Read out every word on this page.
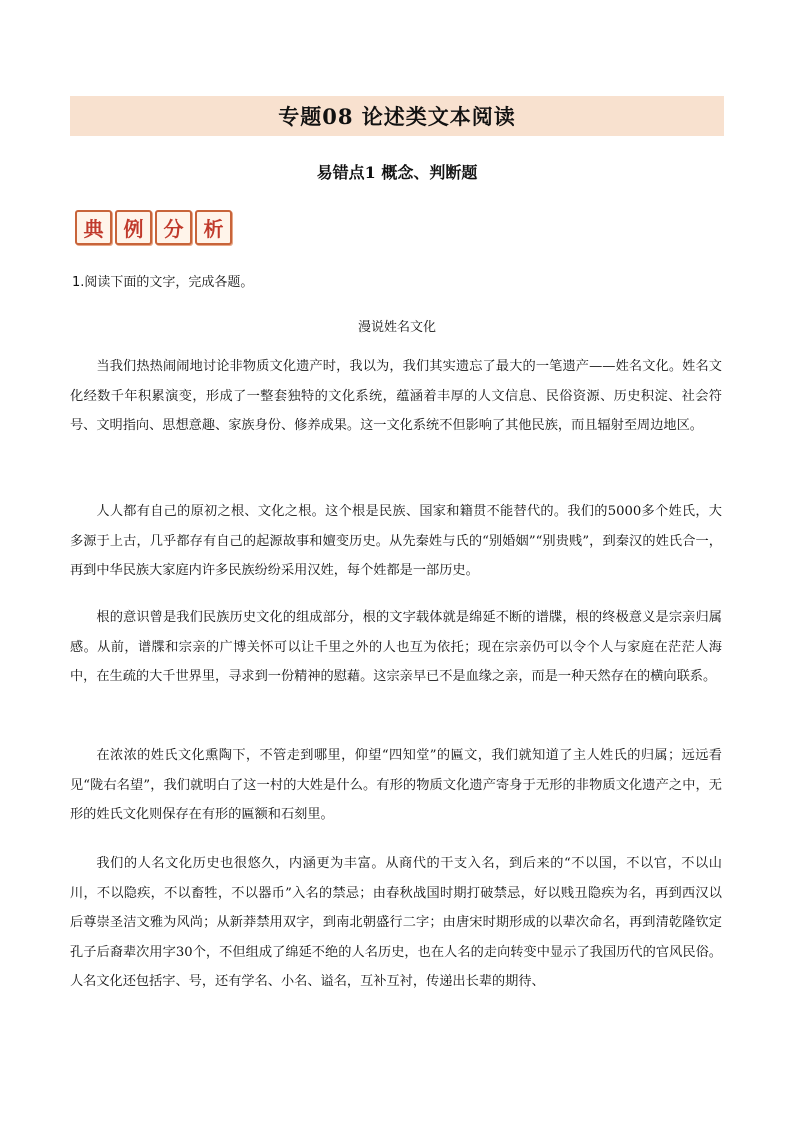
专题08 论述类文本阅读
易错点1 概念、判断题
典	例	分	析
1.阅读下面的文字，完成各题。
漫说姓名文化

当我们热热闹闹地讨论非物质文化遗产时，我以为，我们其实遗忘了最大的一笔遗产——姓名文化。姓名文化经数千年积累演变，形成了一整套独特的文化系统，蕴涵着丰厚的人文信息、民俗资源、历史积淀、社会符号、文明指向、思想意趣、家族身份、修养成果。这一文化系统不但影响了其他民族，而且辐射至周边地区。

人人都有自己的原初之根、文化之根。这个根是民族、国家和籍贯不能替代的。我们的5000多个姓氏，大多源于上古，几乎都存有自己的起源故事和嬗变历史。从先秦姓与氏的“别婚姻”“别贵贱”，到秦汉的姓氏合一，再到中华民族大家庭内许多民族纷纷采用汉姓，每个姓都是一部历史。

根的意识曾是我们民族历史文化的组成部分，根的文字载体就是绵延不断的谱牒，根的终极意义是宗亲归属感。从前，谱牒和宗亲的广博关怀可以让千里之外的人也互为依托；现在宗亲仍可以令个人与家庭在茫茫人海中，在生疏的大千世界里，寻求到一份精神的慰藉。这宗亲早已不是血缘之亲，而是一种天然存在的横向联系。

在浓浓的姓氏文化熏陶下，不管走到哪里，仰望“四知堂”的匾文，我们就知道了主人姓氏的归属；远远看见“陇右名望”，我们就明白了这一村的大姓是什么。有形的物质文化遗产寄身于无形的非物质文化遗产之中，无形的姓氏文化则保存在有形的匾额和石刻里。

我们的人名文化历史也很悠久，内涵更为丰富。从商代的干支入名，到后来的“不以国，不以官，不以山川，不以隐疾，不以畜牲，不以器币”入名的禁忌；由春秋战国时期打破禁忌，好以贱丑隐疾为名，再到西汉以后尊崇圣洁文雅为风尚；从新莽禁用双字，到南北朝盛行二字；由唐宋时期形成的以辈次命名，再到清乾隆钦定孔子后裔辈次用字30个，不但组成了绵延不绝的人名历史，也在人名的走向转变中显示了我国历代的官风民俗。人名文化还包括字、号，还有学名、小名、谥名，互补互衬，传递出长辈的期待、
